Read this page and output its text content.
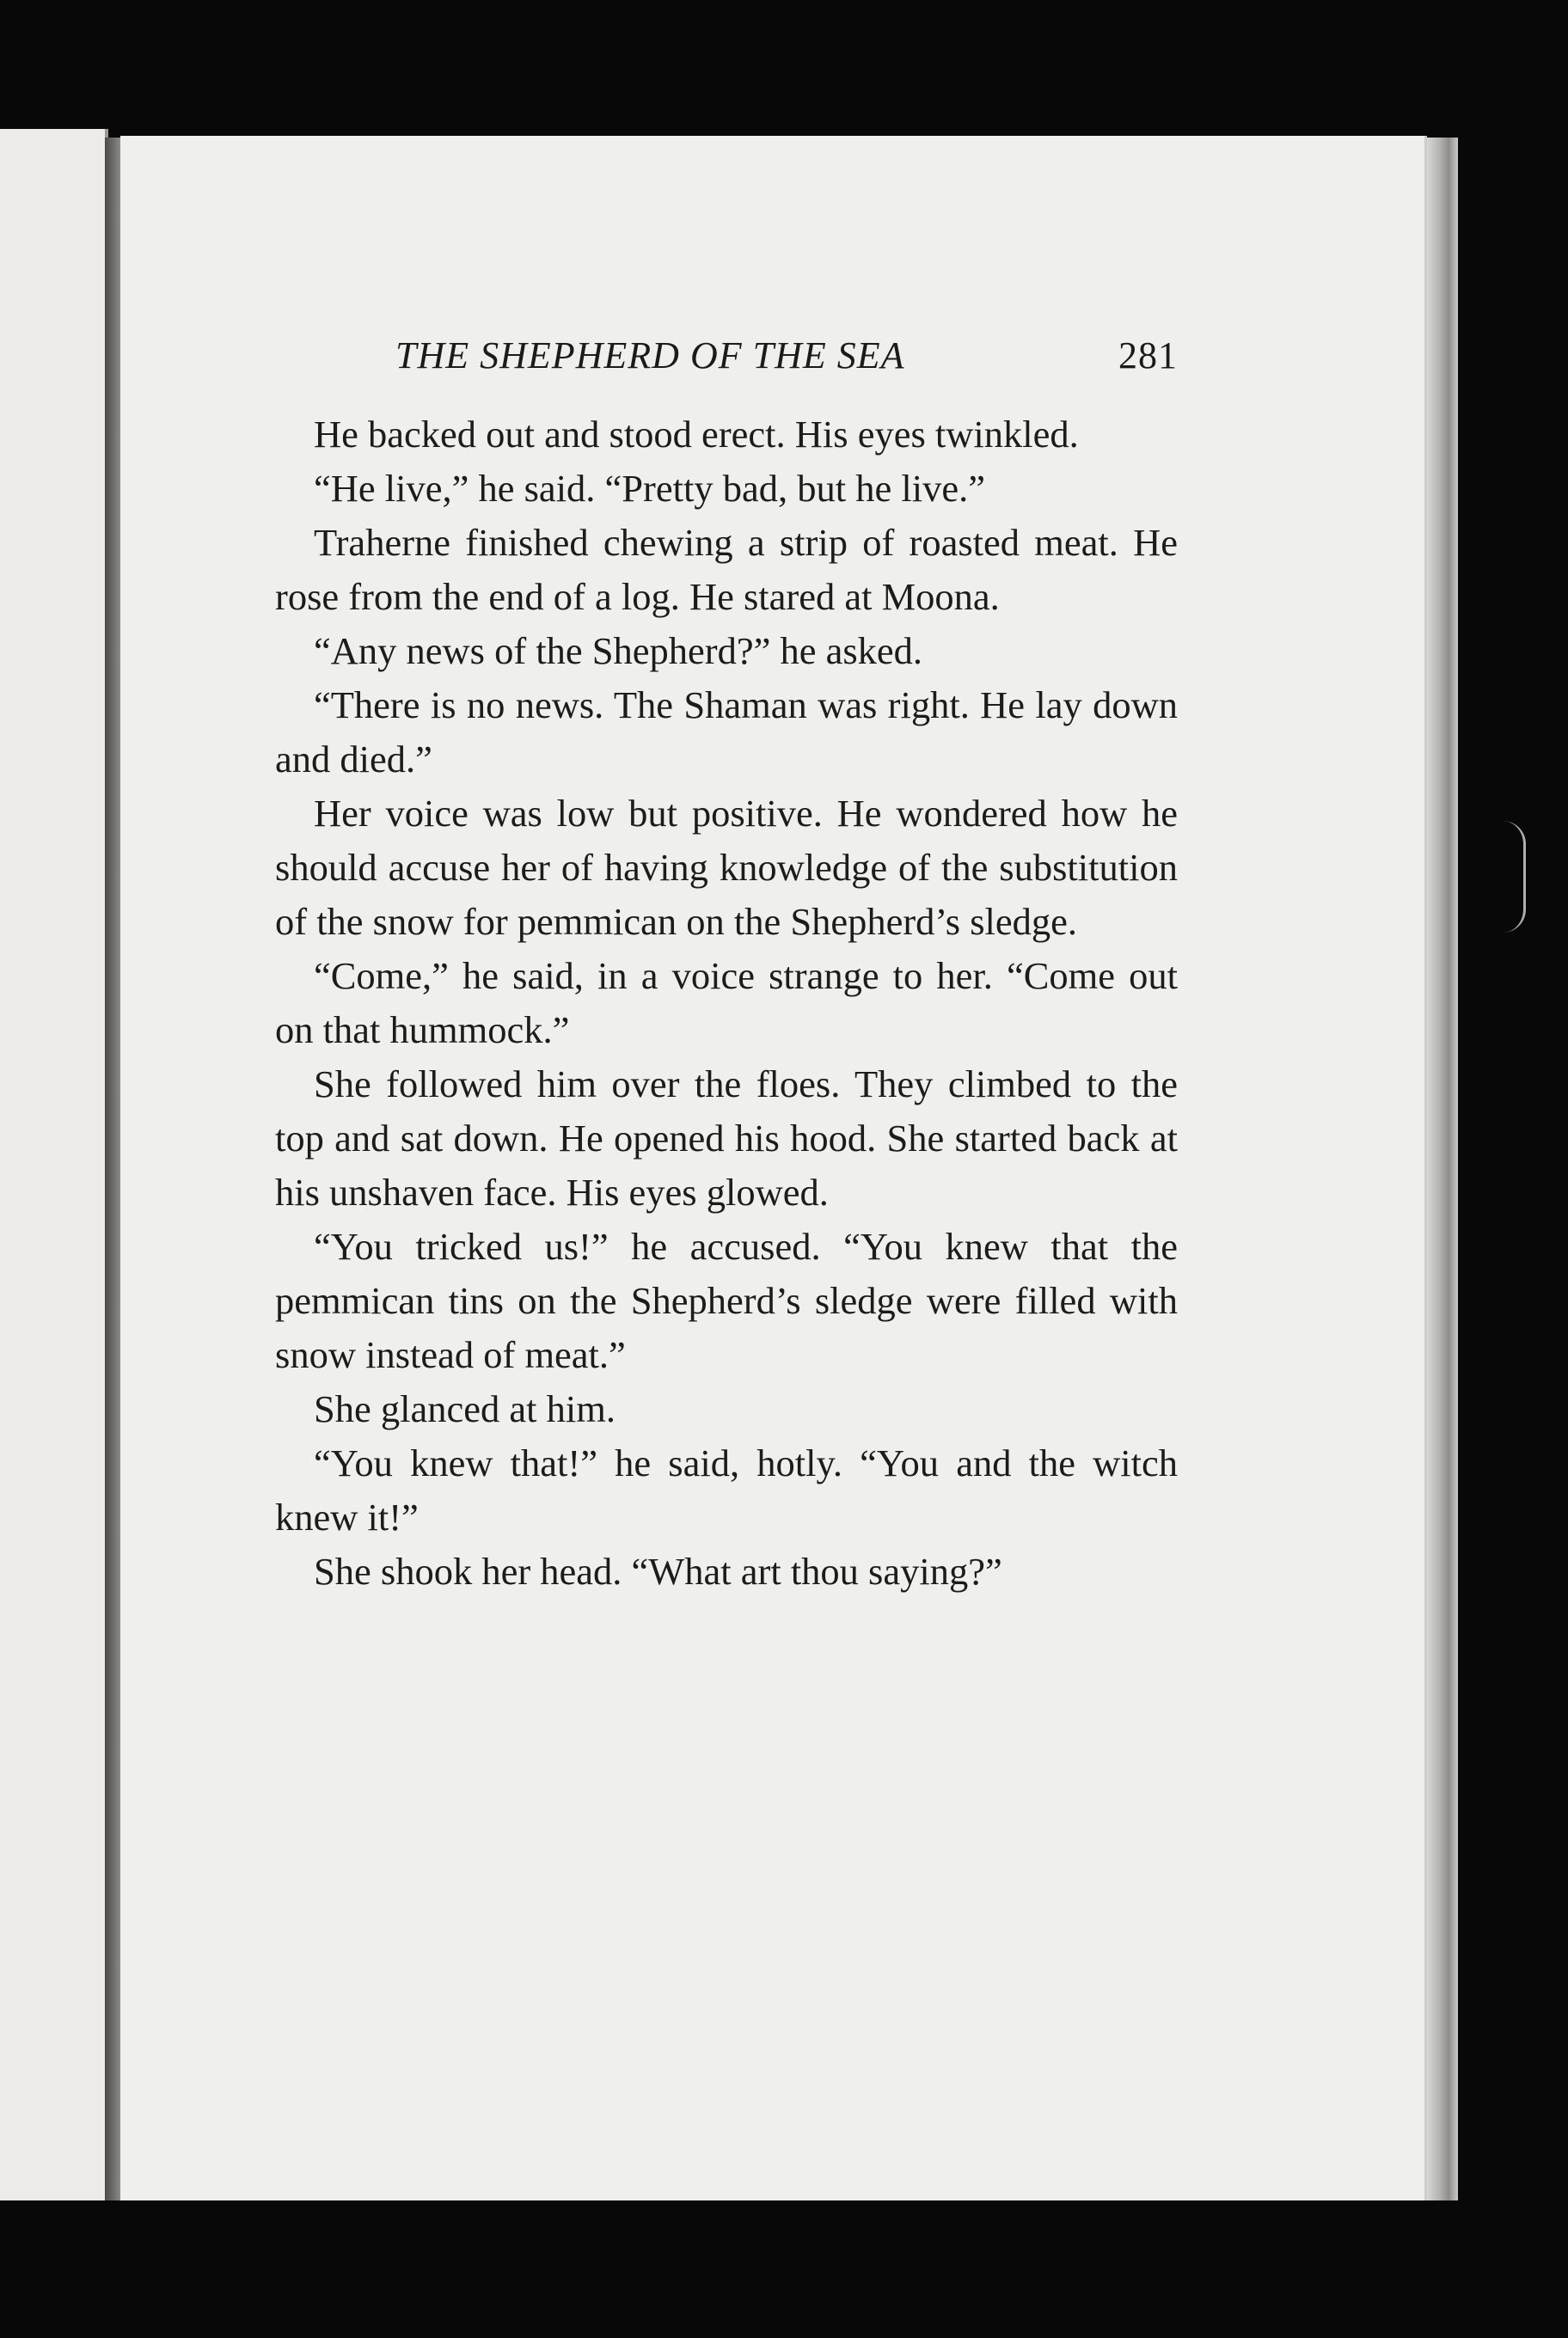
THE SHEPHERD OF THE SEA	281

He backed out and stood erect. His eyes twinkled.

“He live,” he said. “Pretty bad, but he live.”

Traherne finished chewing a strip of roasted meat. He rose from the end of a log. He stared at Moona.

“Any news of the Shepherd?” he asked.

“There is no news. The Shaman was right. He lay down and died.”

Her voice was low but positive. He wondered how he should accuse her of having knowledge of the substitution of the snow for pemmican on the Shepherd’s sledge.

“Come,” he said, in a voice strange to her. “Come out on that hummock.”

She followed him over the floes. They climbed to the top and sat down. He opened his hood. She started back at his unshaven face. His eyes glowed.

“You tricked us!” he accused. “You knew that the pemmican tins on the Shepherd’s sledge were filled with snow instead of meat.”

She glanced at him.

“You knew that!” he said, hotly. “You and the witch knew it!”

She shook her head. “What art thou saying?”
